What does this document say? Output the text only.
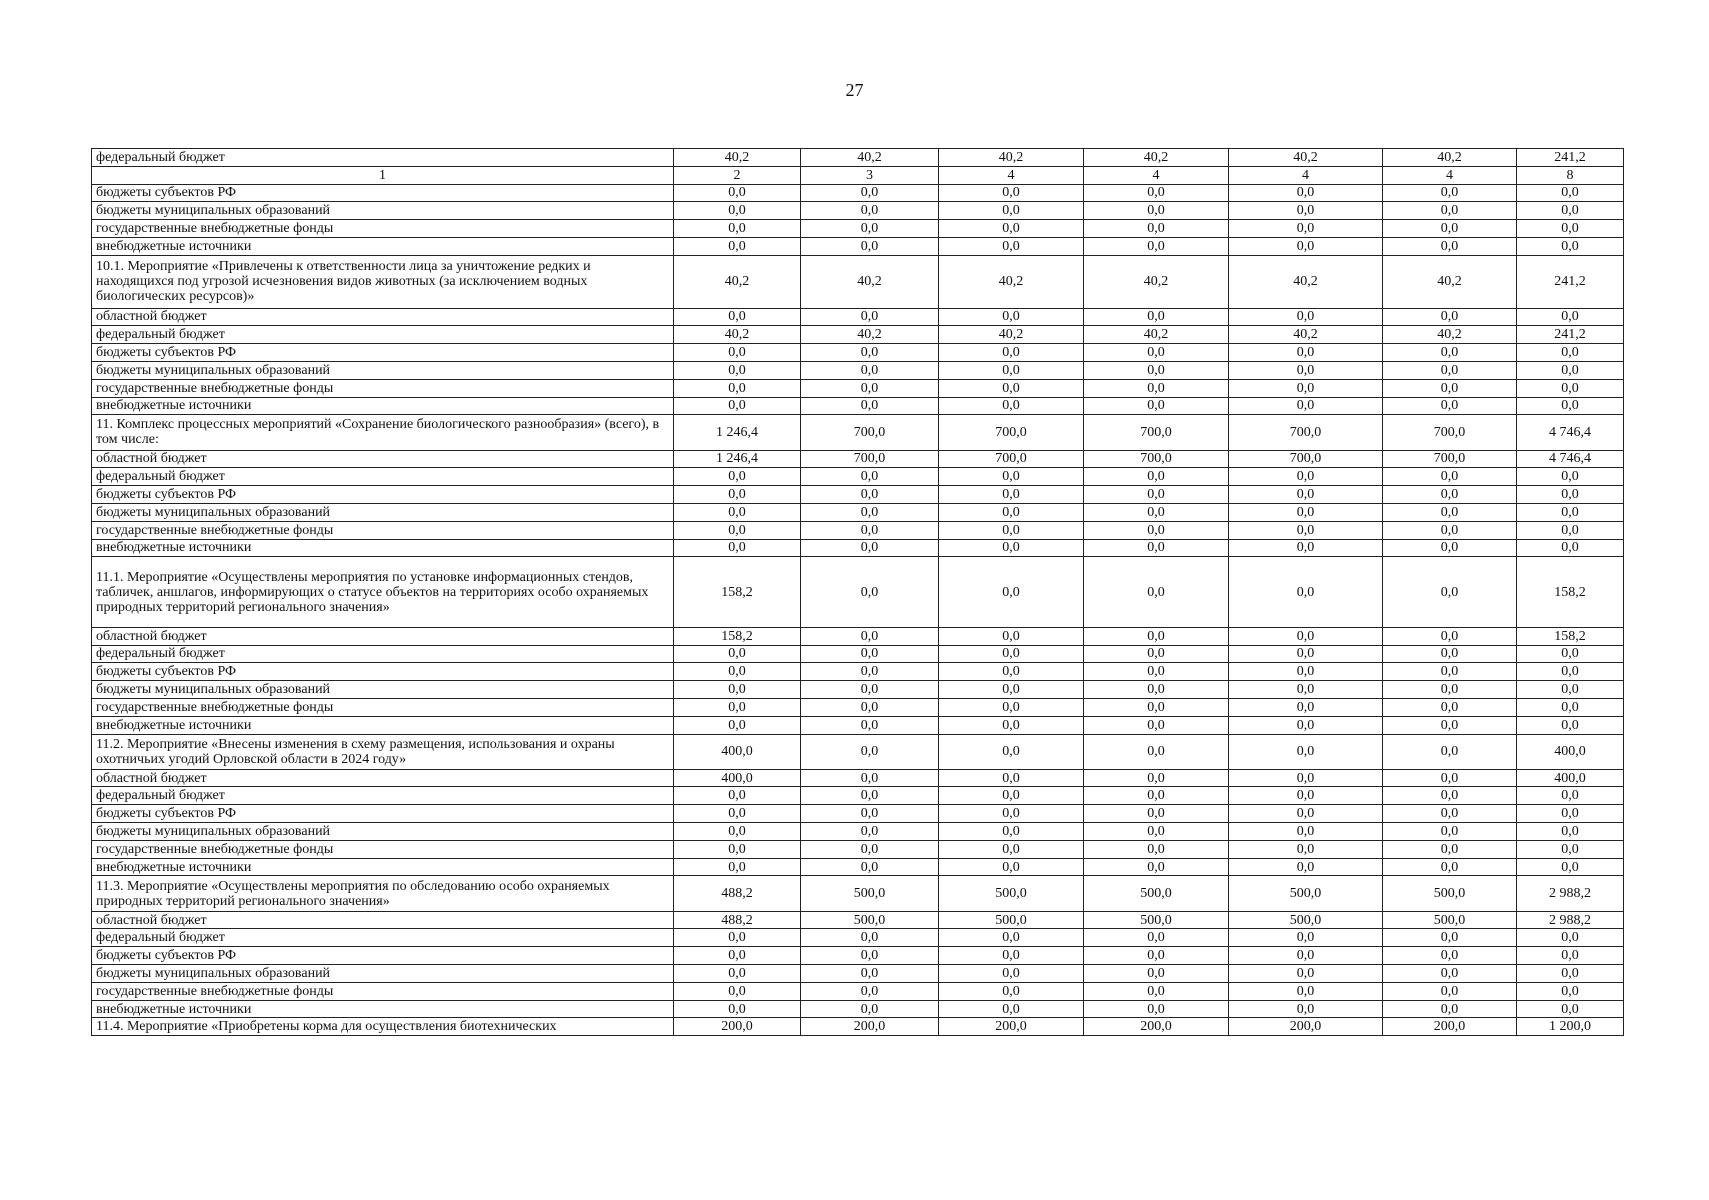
27
федеральный бюджет	40,2	40,2	40,2	40,2	40,2	40,2	241,2
1	2	3	4	4	4	4	8
бюджеты субъектов РФ	0,0	0,0	0,0	0,0	0,0	0,0	0,0
бюджеты муниципальных образований	0,0	0,0	0,0	0,0	0,0	0,0	0,0
государственные внебюджетные фонды	0,0	0,0	0,0	0,0	0,0	0,0	0,0
внебюджетные источники	0,0	0,0	0,0	0,0	0,0	0,0	0,0
10.1. Мероприятие «Привлечены к ответственности лица за уничтожение редких и находящихся под угрозой исчезновения видов животных (за исключением водных биологических ресурсов)»	40,2	40,2	40,2	40,2	40,2	40,2	241,2
областной бюджет	0,0	0,0	0,0	0,0	0,0	0,0	0,0
федеральный бюджет	40,2	40,2	40,2	40,2	40,2	40,2	241,2
бюджеты субъектов РФ	0,0	0,0	0,0	0,0	0,0	0,0	0,0
бюджеты муниципальных образований	0,0	0,0	0,0	0,0	0,0	0,0	0,0
государственные внебюджетные фонды	0,0	0,0	0,0	0,0	0,0	0,0	0,0
внебюджетные источники	0,0	0,0	0,0	0,0	0,0	0,0	0,0
11. Комплекс процессных мероприятий «Сохранение биологического разнообразия» (всего), в том числе:	1 246,4	700,0	700,0	700,0	700,0	700,0	4 746,4
областной бюджет	1 246,4	700,0	700,0	700,0	700,0	700,0	4 746,4
федеральный бюджет	0,0	0,0	0,0	0,0	0,0	0,0	0,0
бюджеты субъектов РФ	0,0	0,0	0,0	0,0	0,0	0,0	0,0
бюджеты муниципальных образований	0,0	0,0	0,0	0,0	0,0	0,0	0,0
государственные внебюджетные фонды	0,0	0,0	0,0	0,0	0,0	0,0	0,0
внебюджетные источники	0,0	0,0	0,0	0,0	0,0	0,0	0,0
11.1. Мероприятие «Осуществлены мероприятия по установке информационных стендов, табличек, аншлагов, информирующих о статусе объектов на территориях особо охраняемых природных территорий регионального значения»	158,2	0,0	0,0	0,0	0,0	0,0	158,2
областной бюджет	158,2	0,0	0,0	0,0	0,0	0,0	158,2
федеральный бюджет	0,0	0,0	0,0	0,0	0,0	0,0	0,0
бюджеты субъектов РФ	0,0	0,0	0,0	0,0	0,0	0,0	0,0
бюджеты муниципальных образований	0,0	0,0	0,0	0,0	0,0	0,0	0,0
государственные внебюджетные фонды	0,0	0,0	0,0	0,0	0,0	0,0	0,0
внебюджетные источники	0,0	0,0	0,0	0,0	0,0	0,0	0,0
11.2. Мероприятие «Внесены изменения в схему размещения, использования и охраны охотничьих угодий Орловской области в 2024 году»	400,0	0,0	0,0	0,0	0,0	0,0	400,0
областной бюджет	400,0	0,0	0,0	0,0	0,0	0,0	400,0
федеральный бюджет	0,0	0,0	0,0	0,0	0,0	0,0	0,0
бюджеты субъектов РФ	0,0	0,0	0,0	0,0	0,0	0,0	0,0
бюджеты муниципальных образований	0,0	0,0	0,0	0,0	0,0	0,0	0,0
государственные внебюджетные фонды	0,0	0,0	0,0	0,0	0,0	0,0	0,0
внебюджетные источники	0,0	0,0	0,0	0,0	0,0	0,0	0,0
11.3. Мероприятие «Осуществлены мероприятия по обследованию особо охраняемых природных территорий регионального значения»	488,2	500,0	500,0	500,0	500,0	500,0	2 988,2
областной бюджет	488,2	500,0	500,0	500,0	500,0	500,0	2 988,2
федеральный бюджет	0,0	0,0	0,0	0,0	0,0	0,0	0,0
бюджеты субъектов РФ	0,0	0,0	0,0	0,0	0,0	0,0	0,0
бюджеты муниципальных образований	0,0	0,0	0,0	0,0	0,0	0,0	0,0
государственные внебюджетные фонды	0,0	0,0	0,0	0,0	0,0	0,0	0,0
внебюджетные источники	0,0	0,0	0,0	0,0	0,0	0,0	0,0
11.4. Мероприятие «Приобретены корма для осуществления биотехнических	200,0	200,0	200,0	200,0	200,0	200,0	1 200,0
